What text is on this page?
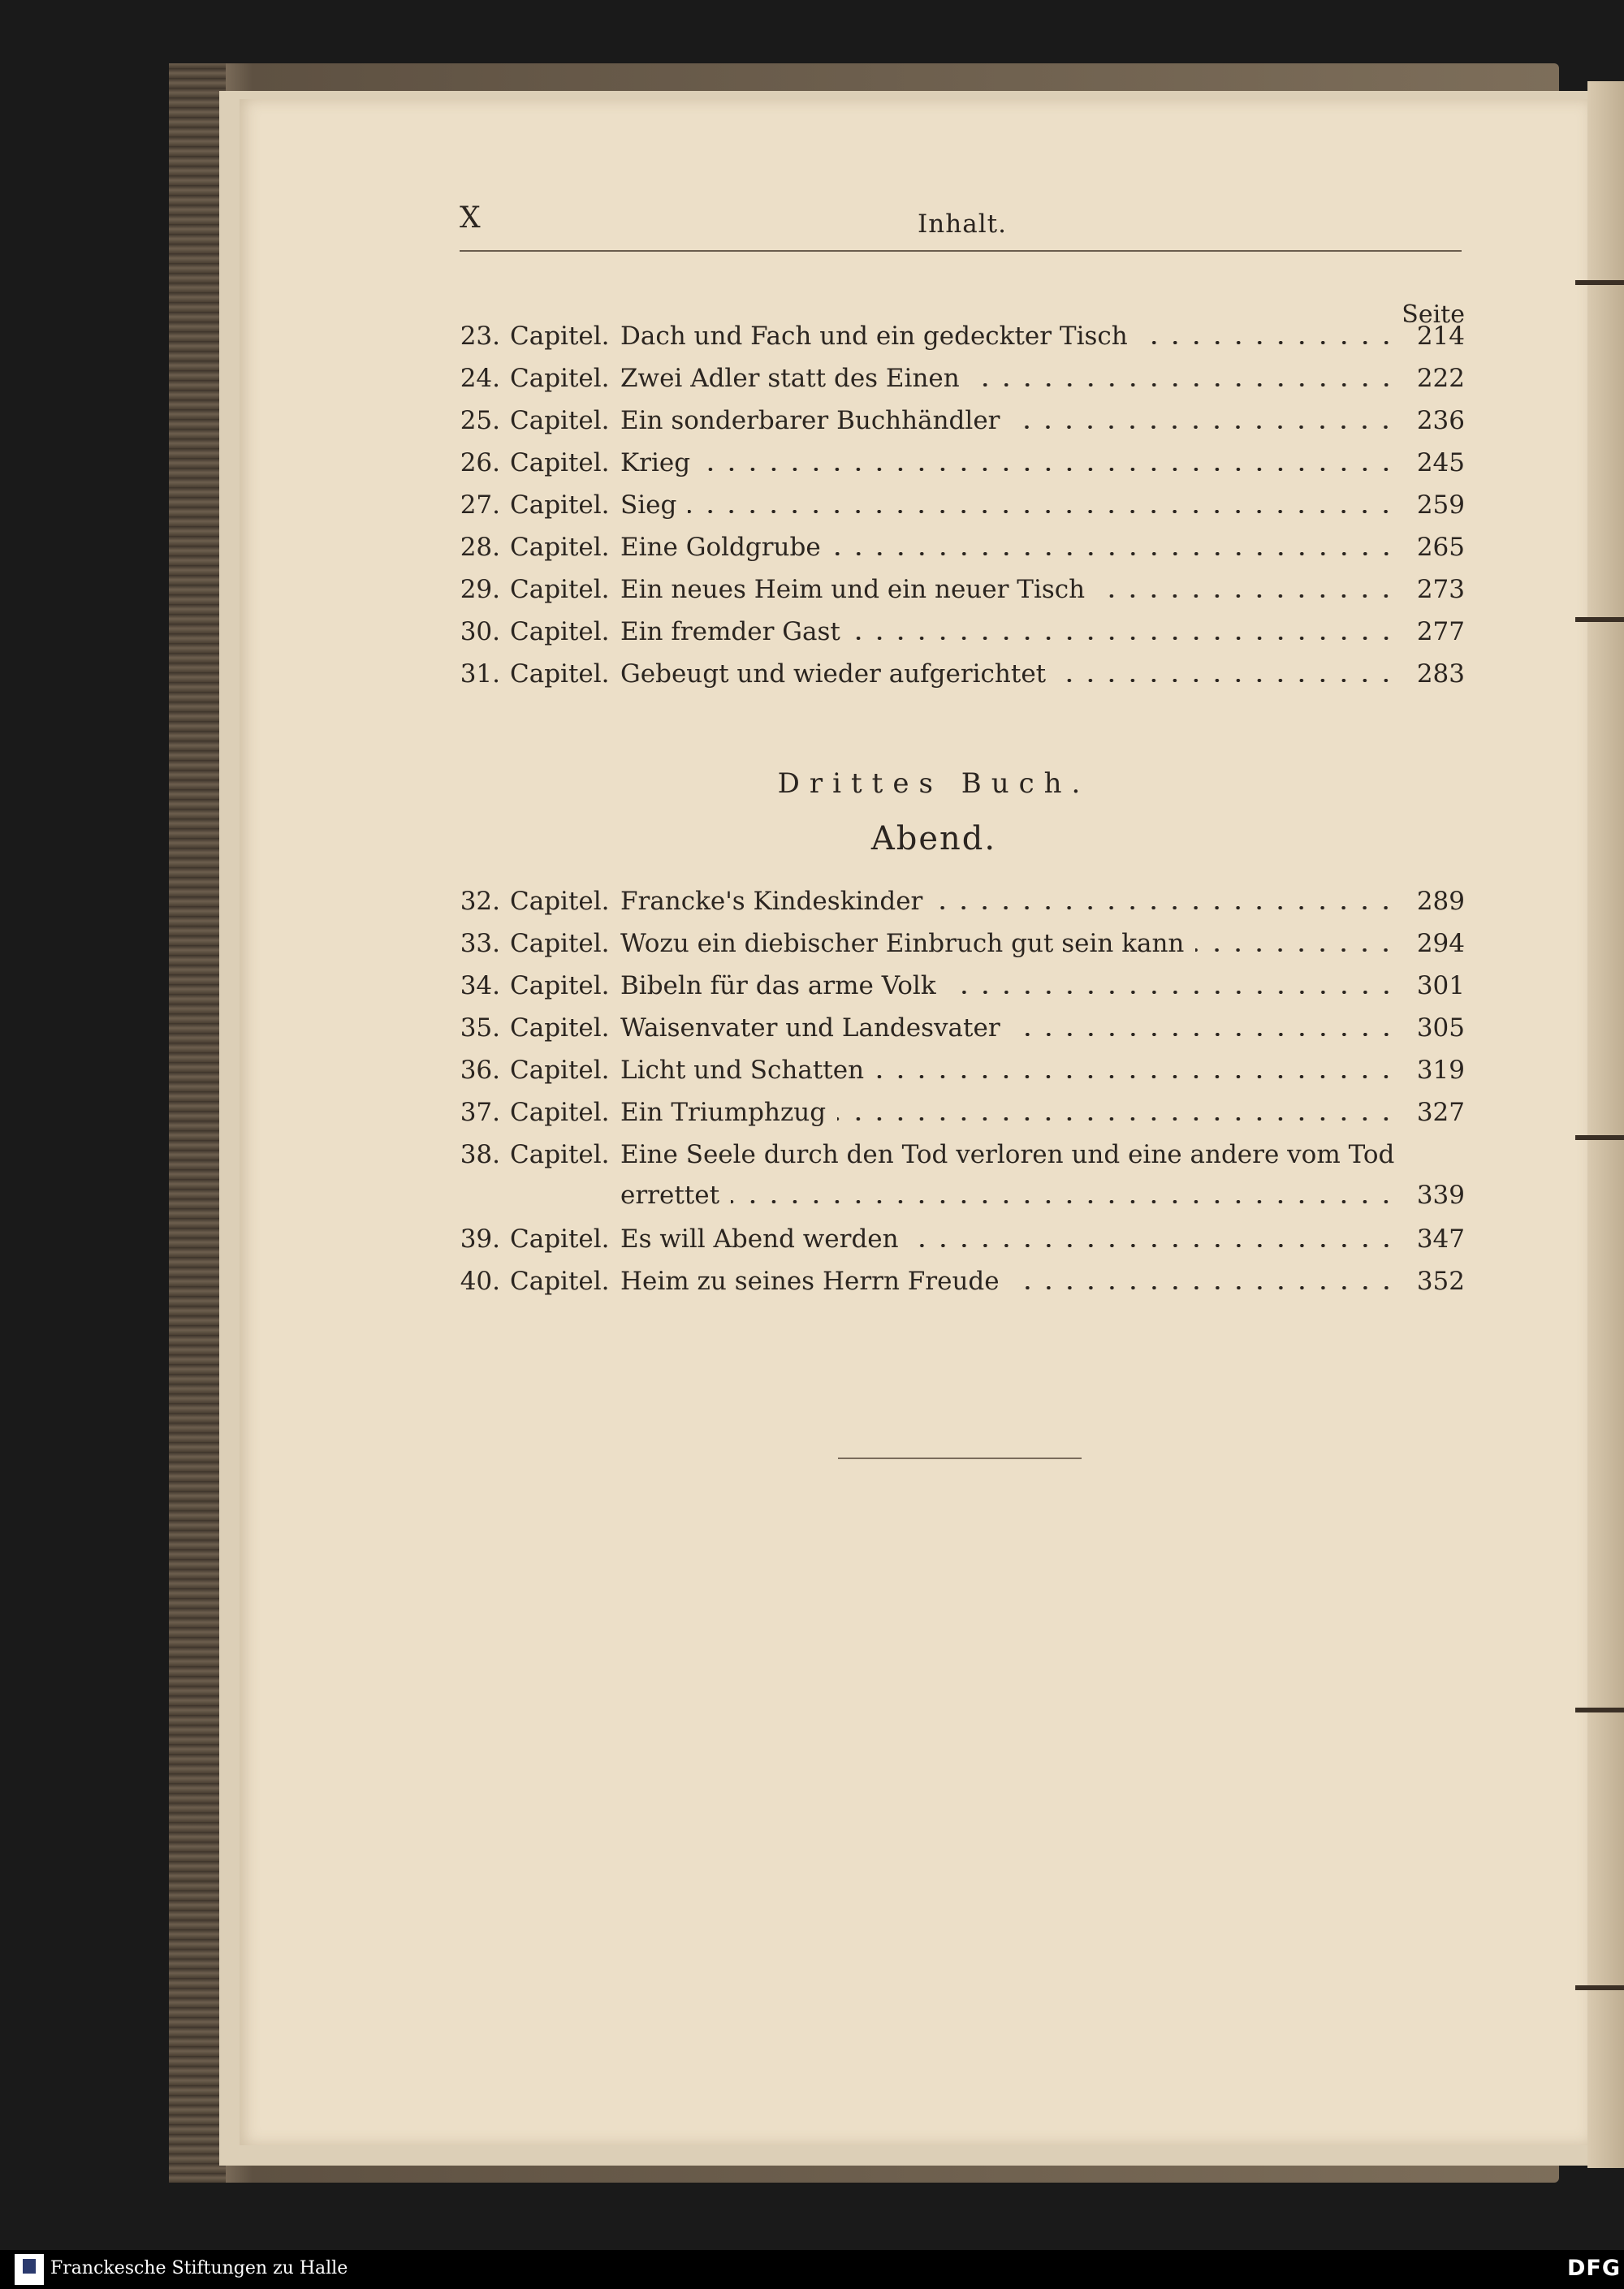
X	Inhalt.
Seite
23. Capitel. Dach und Fach und ein gedeckter Tisch	214
24. Capitel. Zwei Adler statt des Einen	222
25. Capitel. Ein sonderbarer Buchhändler	236
26. Capitel. Krieg	245
27. Capitel. Sieg	259
28. Capitel. Eine Goldgrube	265
29. Capitel. Ein neues Heim und ein neuer Tisch	273
30. Capitel. Ein fremder Gast	277
31. Capitel. Gebeugt und wieder aufgerichtet	283
Drittes Buch.
Abend.
32. Capitel. Francke's Kindeskinder	289
33. Capitel. Wozu ein diebischer Einbruch gut sein kann	294
34. Capitel. Bibeln für das arme Volk	301
35. Capitel. Waisenvater und Landesvater	305
36. Capitel. Licht und Schatten	319
37. Capitel. Ein Triumphzug	327
38. Capitel. Eine Seele durch den Tod verloren und eine andere vom Tod
errettet	339
39. Capitel. Es will Abend werden	347
40. Capitel. Heim zu seines Herrn Freude	352
Franckesche Stiftungen zu Halle	DFG
